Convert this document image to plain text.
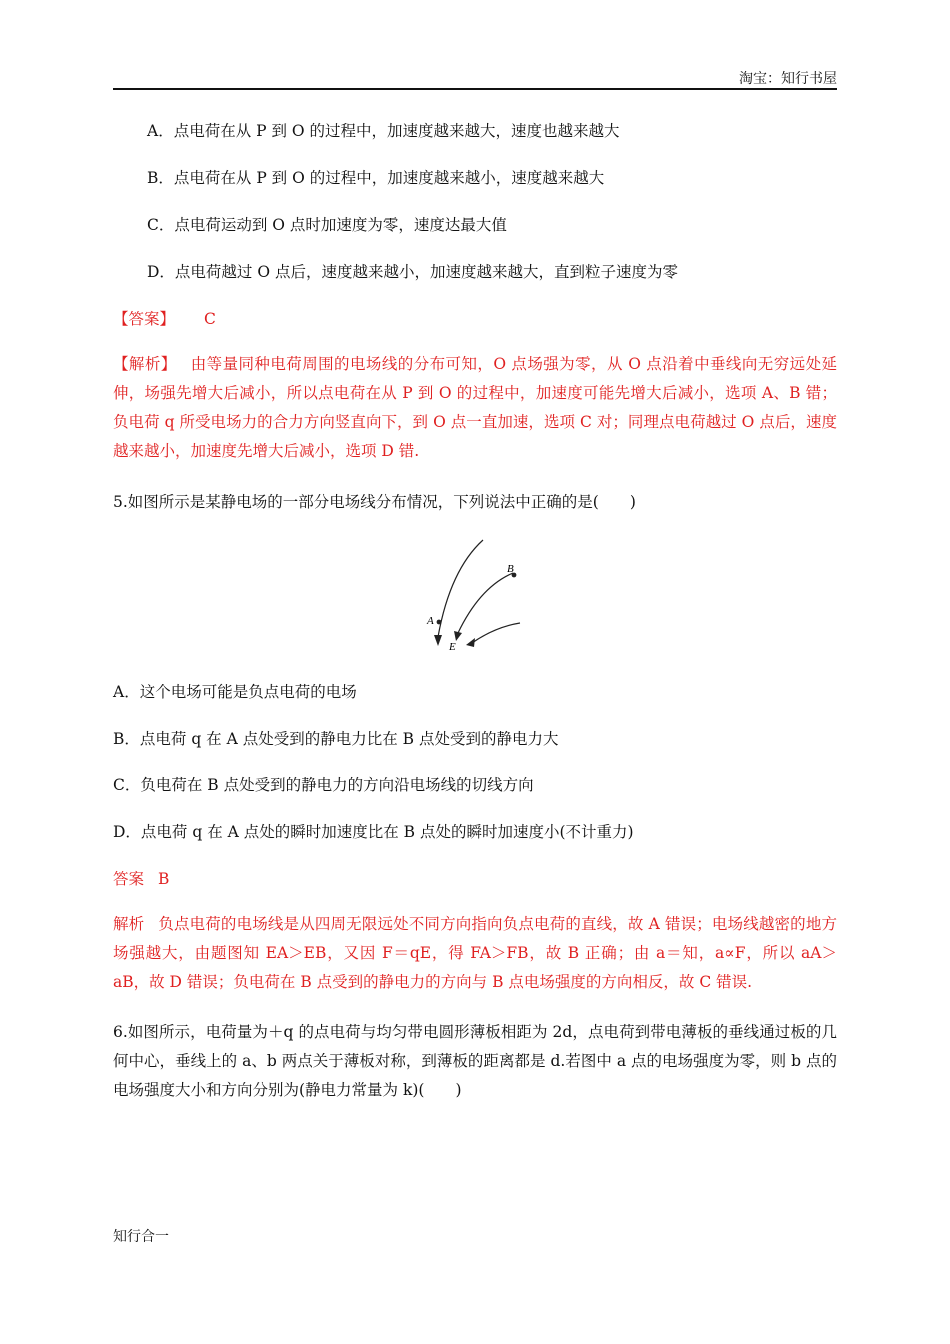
淘宝：知行书屋
A．点电荷在从 P 到 O 的过程中，加速度越来越大，速度也越来越大
B．点电荷在从 P 到 O 的过程中，加速度越来越小，速度越来越大
C．点电荷运动到 O 点时加速度为零，速度达最大值
D．点电荷越过 O 点后，速度越来越小，加速度越来越大，直到粒子速度为零
【答案】 C
【解析】 由等量同种电荷周围的电场线的分布可知，O 点场强为零，从 O 点沿着中垂线向无穷远处延伸，场强先增大后减小，所以点电荷在从 P 到 O 的过程中，加速度可能先增大后减小，选项 A、B 错；负电荷 q 所受电场力的合力方向竖直向下，到 O 点一直加速，选项 C 对；同理点电荷越过 O 点后，速度越来越小，加速度先增大后减小，选项 D 错.
5.如图所示是某静电场的一部分电场线分布情况，下列说法中正确的是(　　)
A
B
E
A．这个电场可能是负点电荷的电场
B．点电荷 q 在 A 点处受到的静电力比在 B 点处受到的静电力大
C．负电荷在 B 点处受到的静电力的方向沿电场线的切线方向
D．点电荷 q 在 A 点处的瞬时加速度比在 B 点处的瞬时加速度小(不计重力)
答案 B
解析 负点电荷的电场线是从四周无限远处不同方向指向负点电荷的直线，故 A 错误；电场线越密的地方场强越大，由题图知 EA＞EB，又因 F＝qE，得 FA＞FB，故 B 正确；由 a＝知，a∝F，所以 aA＞aB，故 D 错误；负电荷在 B 点受到的静电力的方向与 B 点电场强度的方向相反，故 C 错误.
6.如图所示，电荷量为＋q 的点电荷与均匀带电圆形薄板相距为 2d，点电荷到带电薄板的垂线通过板的几何中心，垂线上的 a、b 两点关于薄板对称，到薄板的距离都是 d.若图中 a 点的电场强度为零，则 b 点的电场强度大小和方向分别为(静电力常量为 k)(　　)
知行合一
